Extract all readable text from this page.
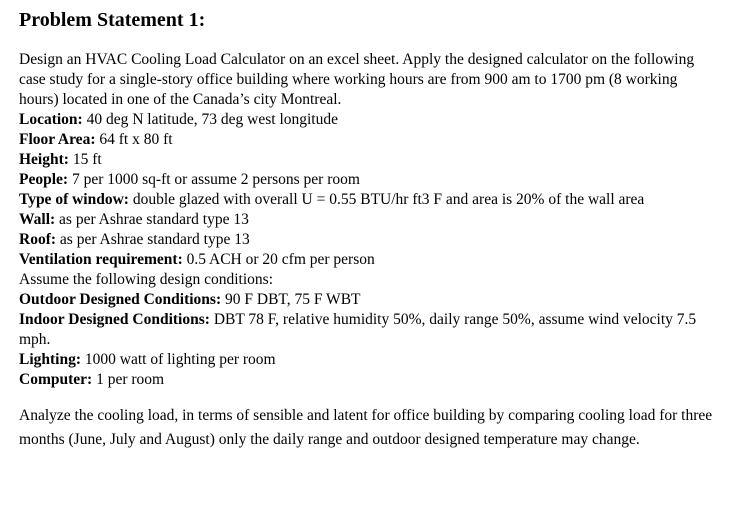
Problem Statement 1:

Design an HVAC Cooling Load Calculator on an excel sheet. Apply the designed calculator on the following case study for a single-story office building where working hours are from 900 am to 1700 pm (8 working hours) located in one of the Canada’s city Montreal.

Location: 40 deg N latitude, 73 deg west longitude

Floor Area: 64 ft x 80 ft

Height: 15 ft

People: 7 per 1000 sq-ft or assume 2 persons per room

Type of window: double glazed with overall U = 0.55 BTU/hr ft3 F and area is 20% of the wall area

Wall: as per Ashrae standard type 13

Roof: as per Ashrae standard type 13

Ventilation requirement: 0.5 ACH or 20 cfm per person

Assume the following design conditions:

Outdoor Designed Conditions: 90 F DBT, 75 F WBT

Indoor Designed Conditions: DBT 78 F, relative humidity 50%, daily range 50%, assume wind velocity 7.5 mph.

Lighting: 1000 watt of lighting per room

Computer: 1 per room

Analyze the cooling load, in terms of sensible and latent for office building by comparing cooling load for three months (June, July and August) only the daily range and outdoor designed temperature may change.
